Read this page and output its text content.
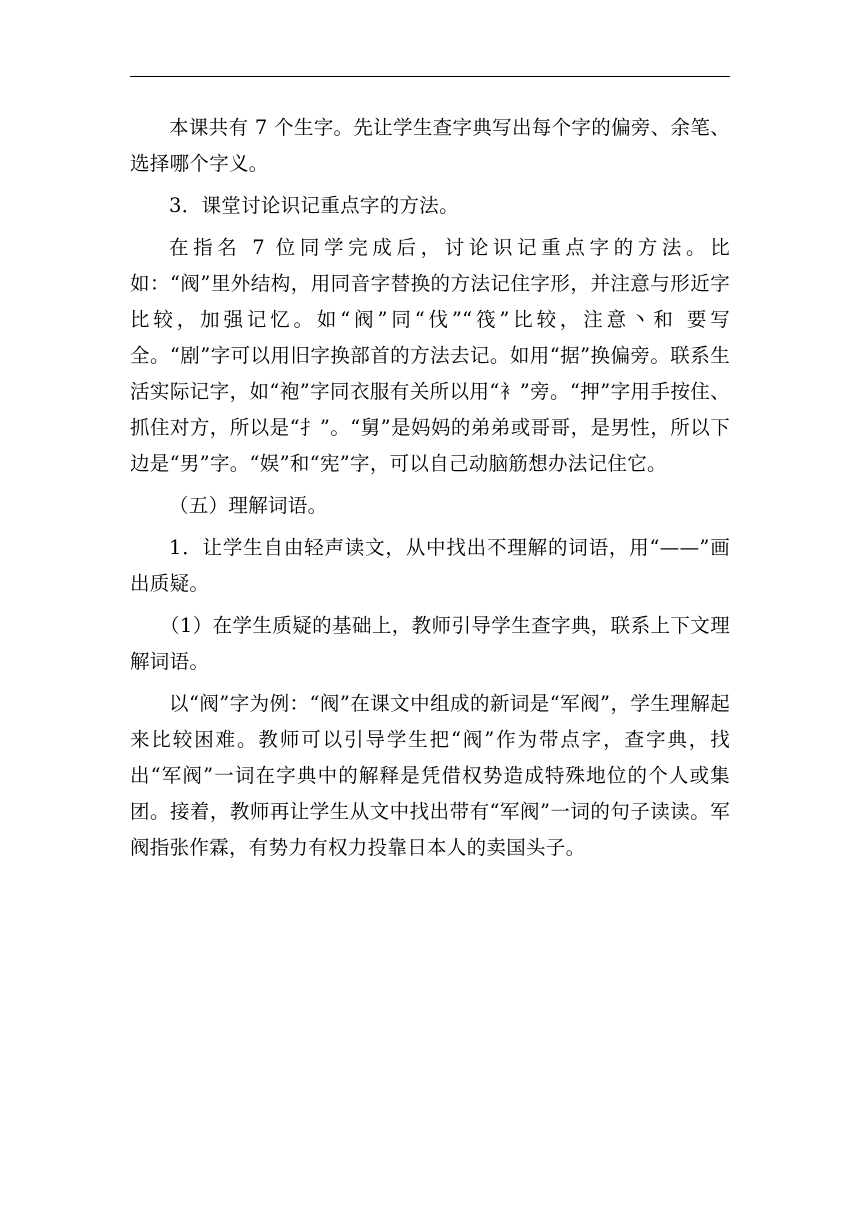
本课共有 7 个生字。先让学生查字典写出每个字的偏旁、余笔、选择哪个字义。

3．课堂讨论识记重点字的方法。

在指名 7 位同学完成后，讨论识记重点字的方法。比如：“阀”里外结构，用同音字替换的方法记住字形，并注意与形近字比较，加强记忆。如“阀”同“伐”“筏”比较，注意丶和 要写全。“剧”字可以用旧字换部首的方法去记。如用“据”换偏旁。联系生活实际记字，如“袍”字同衣服有关所以用“衤”旁。“押”字用手按住、抓住对方，所以是“扌”。“舅”是妈妈的弟弟或哥哥，是男性，所以下边是“男”字。“娱”和“宪”字，可以自己动脑筋想办法记住它。

（五）理解词语。

1．让学生自由轻声读文，从中找出不理解的词语，用“——”画出质疑。

（1）在学生质疑的基础上，教师引导学生查字典，联系上下文理解词语。

以“阀”字为例：“阀”在课文中组成的新词是“军阀”，学生理解起来比较困难。教师可以引导学生把“阀”作为带点字，查字典，找出“军阀”一词在字典中的解释是凭借权势造成特殊地位的个人或集团。接着，教师再让学生从文中找出带有“军阀”一词的句子读读。军阀指张作霖，有势力有权力投靠日本人的卖国头子。
